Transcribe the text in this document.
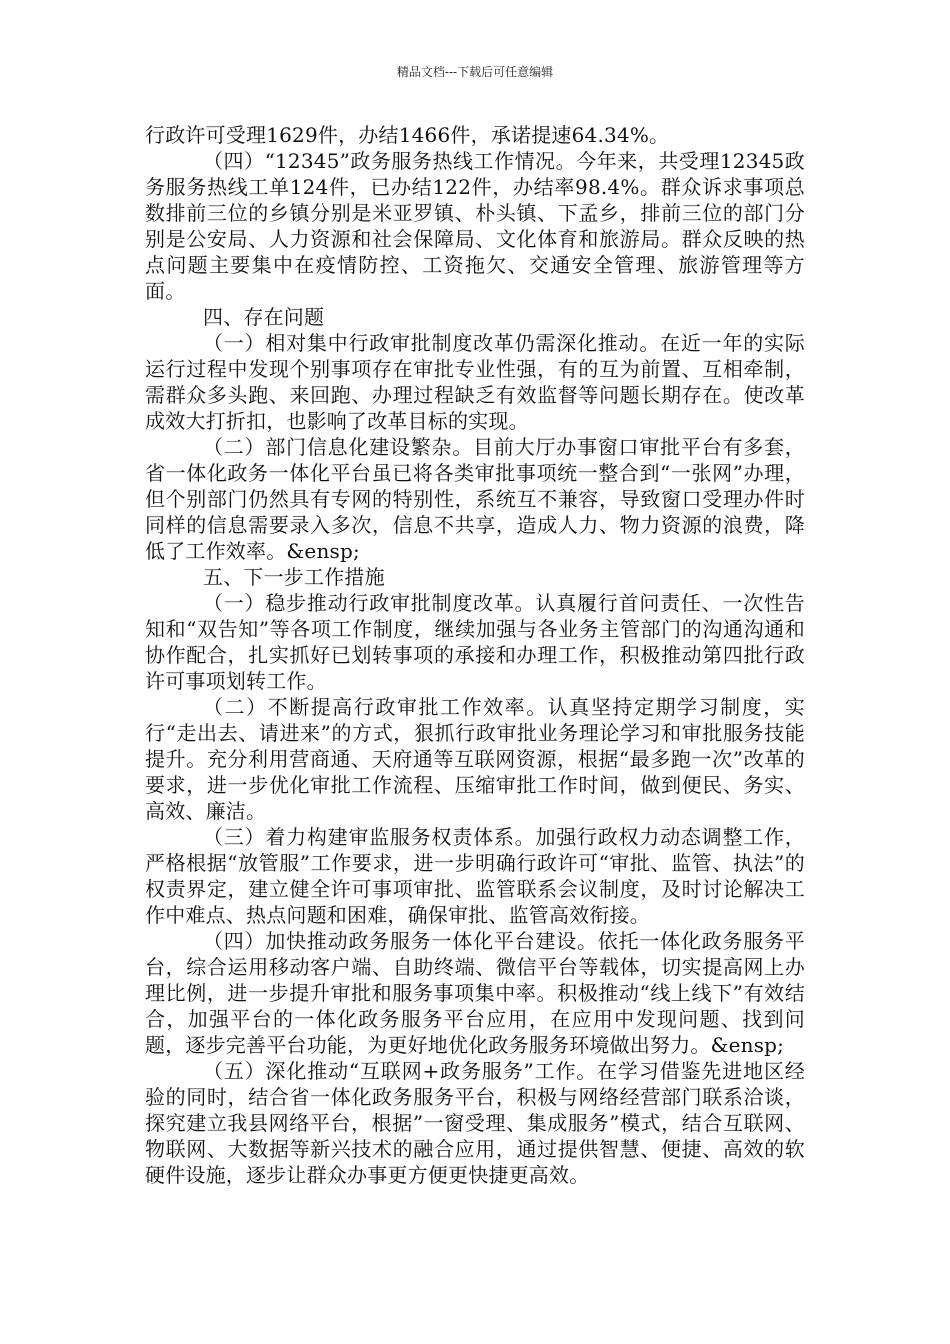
精品文档---下载后可任意编辑

行政许可受理1629件，办结1466件，承诺提速64.34%。

（四）“12345”政务服务热线工作情况。今年来，共受理12345政务服务热线工单124件，已办结122件，办结率98.4%。群众诉求事项总数排前三位的乡镇分别是米亚罗镇、朴头镇、下孟乡，排前三位的部门分别是公安局、人力资源和社会保障局、文化体育和旅游局。群众反映的热点问题主要集中在疫情防控、工资拖欠、交通安全管理、旅游管理等方面。

四、存在问题

（一）相对集中行政审批制度改革仍需深化推动。在近一年的实际运行过程中发现个别事项存在审批专业性强，有的互为前置、互相牵制，需群众多头跑、来回跑、办理过程缺乏有效监督等问题长期存在。使改革成效大打折扣，也影响了改革目标的实现。

（二）部门信息化建设繁杂。目前大厅办事窗口审批平台有多套，省一体化政务一体化平台虽已将各类审批事项统一整合到“一张网”办理，但个别部门仍然具有专网的特别性，系统互不兼容，导致窗口受理办件时同样的信息需要录入多次，信息不共享，造成人力、物力资源的浪费，降低了工作效率。&ensp;

五、下一步工作措施

（一）稳步推动行政审批制度改革。认真履行首问责任、一次性告知和“双告知”等各项工作制度，继续加强与各业务主管部门的沟通沟通和协作配合，扎实抓好已划转事项的承接和办理工作，积极推动第四批行政许可事项划转工作。

（二）不断提高行政审批工作效率。认真坚持定期学习制度，实行“走出去、请进来”的方式，狠抓行政审批业务理论学习和审批服务技能提升。充分利用营商通、天府通等互联网资源，根据“最多跑一次”改革的要求，进一步优化审批工作流程、压缩审批工作时间，做到便民、务实、高效、廉洁。

（三）着力构建审监服务权责体系。加强行政权力动态调整工作，严格根据“放管服”工作要求，进一步明确行政许可“审批、监管、执法”的权责界定，建立健全许可事项审批、监管联系会议制度，及时讨论解决工作中难点、热点问题和困难，确保审批、监管高效衔接。

（四）加快推动政务服务一体化平台建设。依托一体化政务服务平台，综合运用移动客户端、自助终端、微信平台等载体，切实提高网上办理比例，进一步提升审批和服务事项集中率。积极推动“线上线下”有效结合，加强平台的一体化政务服务平台应用，在应用中发现问题、找到问题，逐步完善平台功能，为更好地优化政务服务环境做出努力。&ensp;

（五）深化推动“互联网+政务服务”工作。在学习借鉴先进地区经验的同时，结合省一体化政务服务平台，积极与网络经营部门联系洽谈，探究建立我县网络平台，根据”一窗受理、集成服务”模式，结合互联网、物联网、大数据等新兴技术的融合应用，通过提供智慧、便捷、高效的软硬件设施，逐步让群众办事更方便更快捷更高效。
